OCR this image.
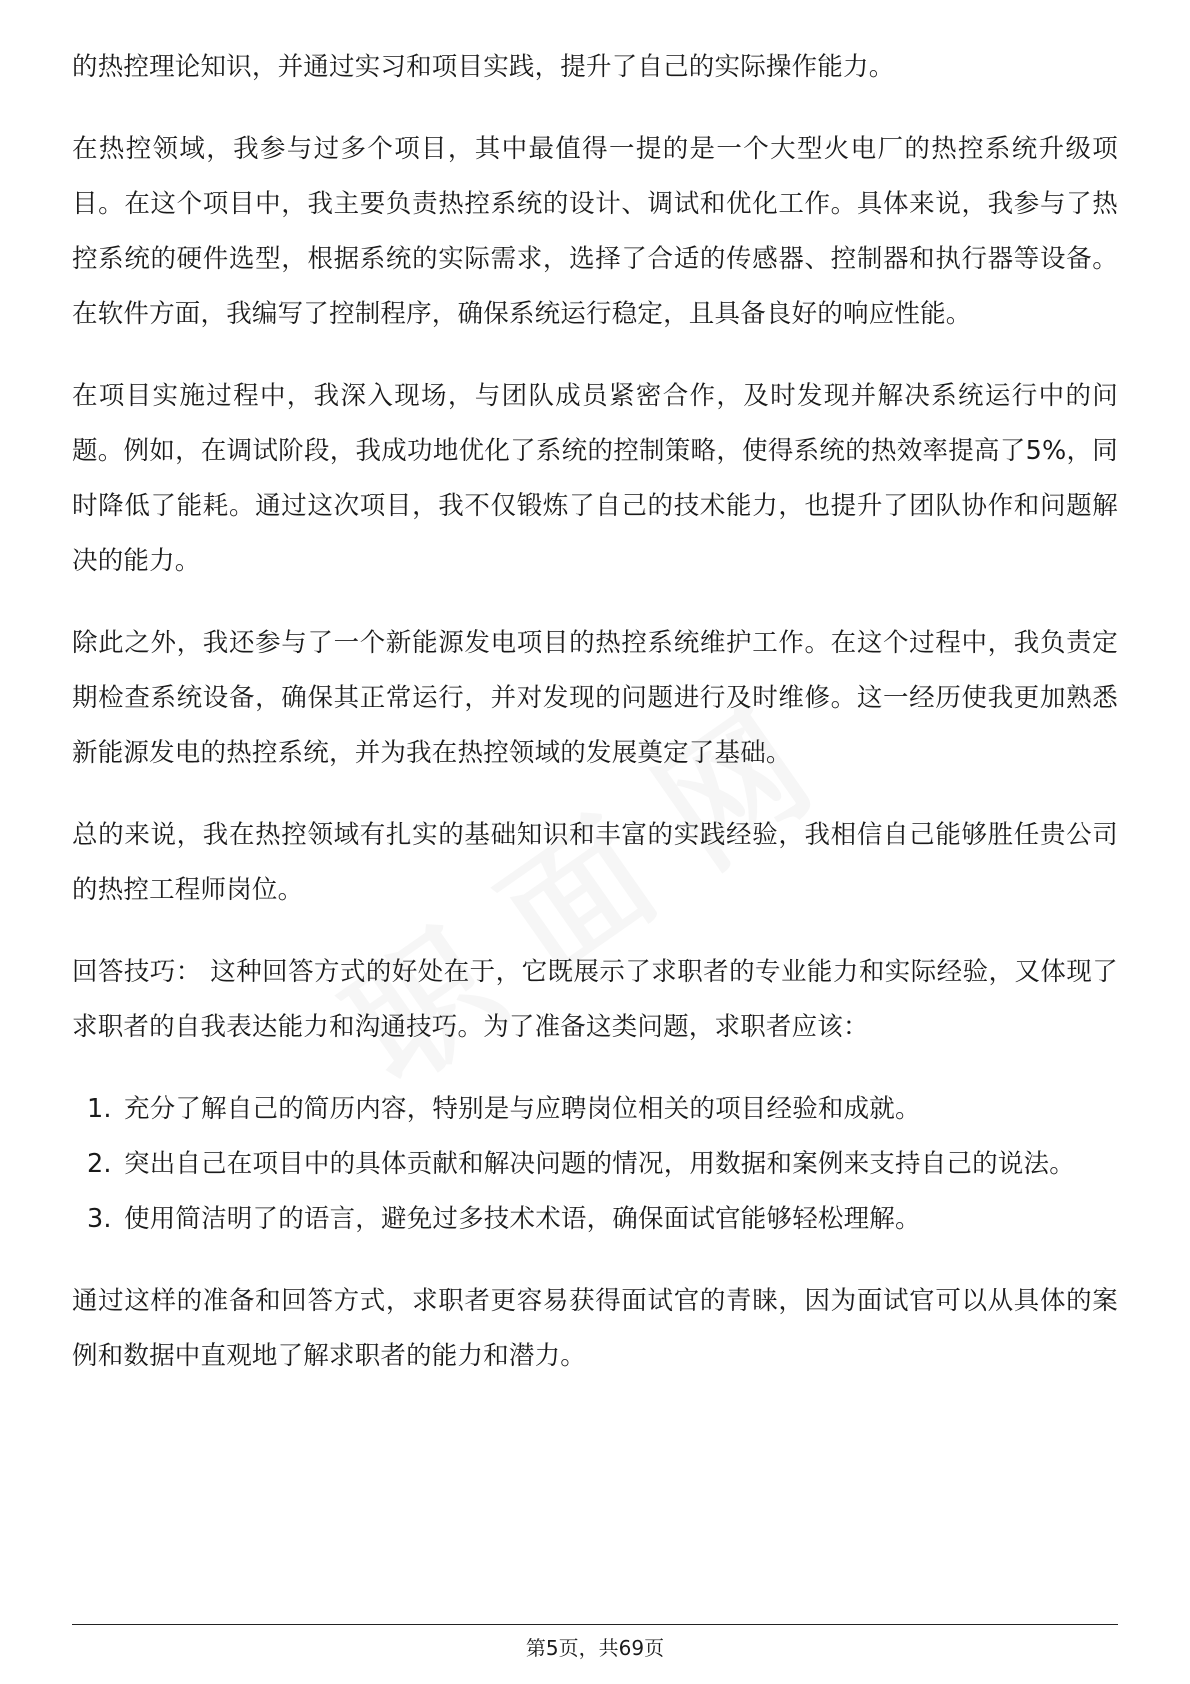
的热控理论知识，并通过实习和项目实践，提升了自己的实际操作能力。

在热控领域，我参与过多个项目，其中最值得一提的是一个大型火电厂的热控系统升级项目。在这个项目中，我主要负责热控系统的设计、调试和优化工作。具体来说，我参与了热控系统的硬件选型，根据系统的实际需求，选择了合适的传感器、控制器和执行器等设备。在软件方面，我编写了控制程序，确保系统运行稳定，且具备良好的响应性能。

在项目实施过程中，我深入现场，与团队成员紧密合作，及时发现并解决系统运行中的问题。例如，在调试阶段，我成功地优化了系统的控制策略，使得系统的热效率提高了5%，同时降低了能耗。通过这次项目，我不仅锻炼了自己的技术能力，也提升了团队协作和问题解决的能力。

除此之外，我还参与了一个新能源发电项目的热控系统维护工作。在这个过程中，我负责定期检查系统设备，确保其正常运行，并对发现的问题进行及时维修。这一经历使我更加熟悉新能源发电的热控系统，并为我在热控领域的发展奠定了基础。

总的来说，我在热控领域有扎实的基础知识和丰富的实践经验，我相信自己能够胜任贵公司的热控工程师岗位。

回答技巧： 这种回答方式的好处在于，它既展示了求职者的专业能力和实际经验，又体现了求职者的自我表达能力和沟通技巧。为了准备这类问题，求职者应该：

1. 充分了解自己的简历内容，特别是与应聘岗位相关的项目经验和成就。
2. 突出自己在项目中的具体贡献和解决问题的情况，用数据和案例来支持自己的说法。
3. 使用简洁明了的语言，避免过多技术术语，确保面试官能够轻松理解。

通过这样的准备和回答方式，求职者更容易获得面试官的青睐，因为面试官可以从具体的案例和数据中直观地了解求职者的能力和潜力。

第5页，共69页
